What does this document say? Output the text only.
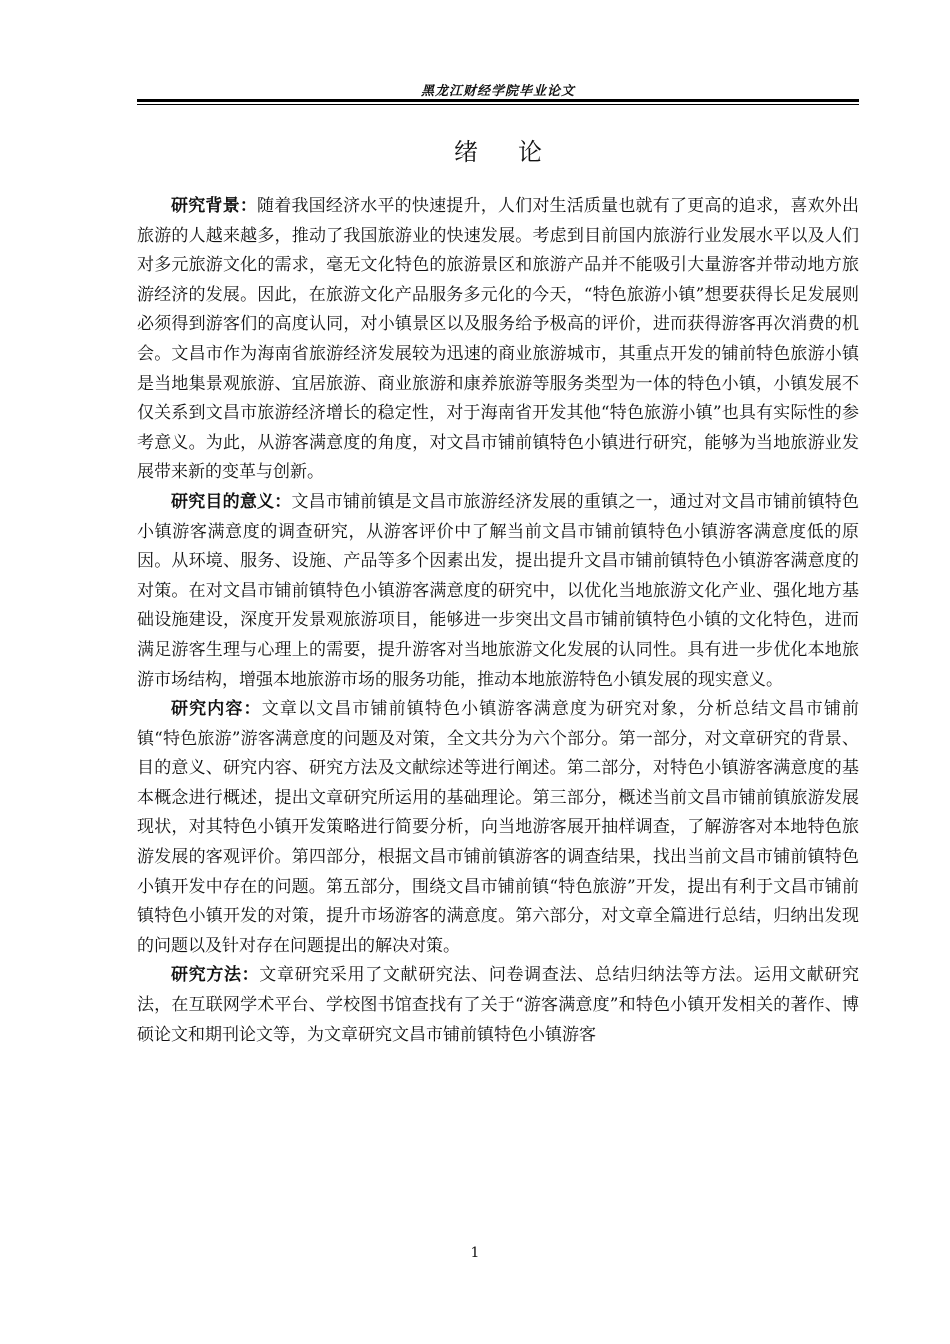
黑龙江财经学院毕业论文
绪论

研究背景：随着我国经济水平的快速提升，人们对生活质量也就有了更高的追求，喜欢外出旅游的人越来越多，推动了我国旅游业的快速发展。考虑到目前国内旅游行业发展水平以及人们对多元旅游文化的需求，毫无文化特色的旅游景区和旅游产品并不能吸引大量游客并带动地方旅游经济的发展。因此，在旅游文化产品服务多元化的今天，“特色旅游小镇”想要获得长足发展则必须得到游客们的高度认同，对小镇景区以及服务给予极高的评价，进而获得游客再次消费的机会。文昌市作为海南省旅游经济发展较为迅速的商业旅游城市，其重点开发的铺前特色旅游小镇是当地集景观旅游、宜居旅游、商业旅游和康养旅游等服务类型为一体的特色小镇，小镇发展不仅关系到文昌市旅游经济增长的稳定性，对于海南省开发其他“特色旅游小镇”也具有实际性的参考意义。为此，从游客满意度的角度，对文昌市铺前镇特色小镇进行研究，能够为当地旅游业发展带来新的变革与创新。

研究目的意义：文昌市铺前镇是文昌市旅游经济发展的重镇之一，通过对文昌市铺前镇特色小镇游客满意度的调查研究，从游客评价中了解当前文昌市铺前镇特色小镇游客满意度低的原因。从环境、服务、设施、产品等多个因素出发，提出提升文昌市铺前镇特色小镇游客满意度的对策。在对文昌市铺前镇特色小镇游客满意度的研究中，以优化当地旅游文化产业、强化地方基础设施建设，深度开发景观旅游项目，能够进一步突出文昌市铺前镇特色小镇的文化特色，进而满足游客生理与心理上的需要，提升游客对当地旅游文化发展的认同性。具有进一步优化本地旅游市场结构，增强本地旅游市场的服务功能，推动本地旅游特色小镇发展的现实意义。

研究内容：文章以文昌市铺前镇特色小镇游客满意度为研究对象，分析总结文昌市铺前镇“特色旅游”游客满意度的问题及对策，全文共分为六个部分。第一部分，对文章研究的背景、目的意义、研究内容、研究方法及文献综述等进行阐述。第二部分，对特色小镇游客满意度的基本概念进行概述，提出文章研究所运用的基础理论。第三部分，概述当前文昌市铺前镇旅游发展现状，对其特色小镇开发策略进行简要分析，向当地游客展开抽样调查，了解游客对本地特色旅游发展的客观评价。第四部分，根据文昌市铺前镇游客的调查结果，找出当前文昌市铺前镇特色小镇开发中存在的问题。第五部分，围绕文昌市铺前镇“特色旅游”开发，提出有利于文昌市铺前镇特色小镇开发的对策，提升市场游客的满意度。第六部分，对文章全篇进行总结，归纳出发现的问题以及针对存在问题提出的解决对策。

研究方法：文章研究采用了文献研究法、问卷调查法、总结归纳法等方法。运用文献研究法，在互联网学术平台、学校图书馆查找有了关于“游客满意度”和特色小镇开发相关的著作、博硕论文和期刊论文等，为文章研究文昌市铺前镇特色小镇游客

1
